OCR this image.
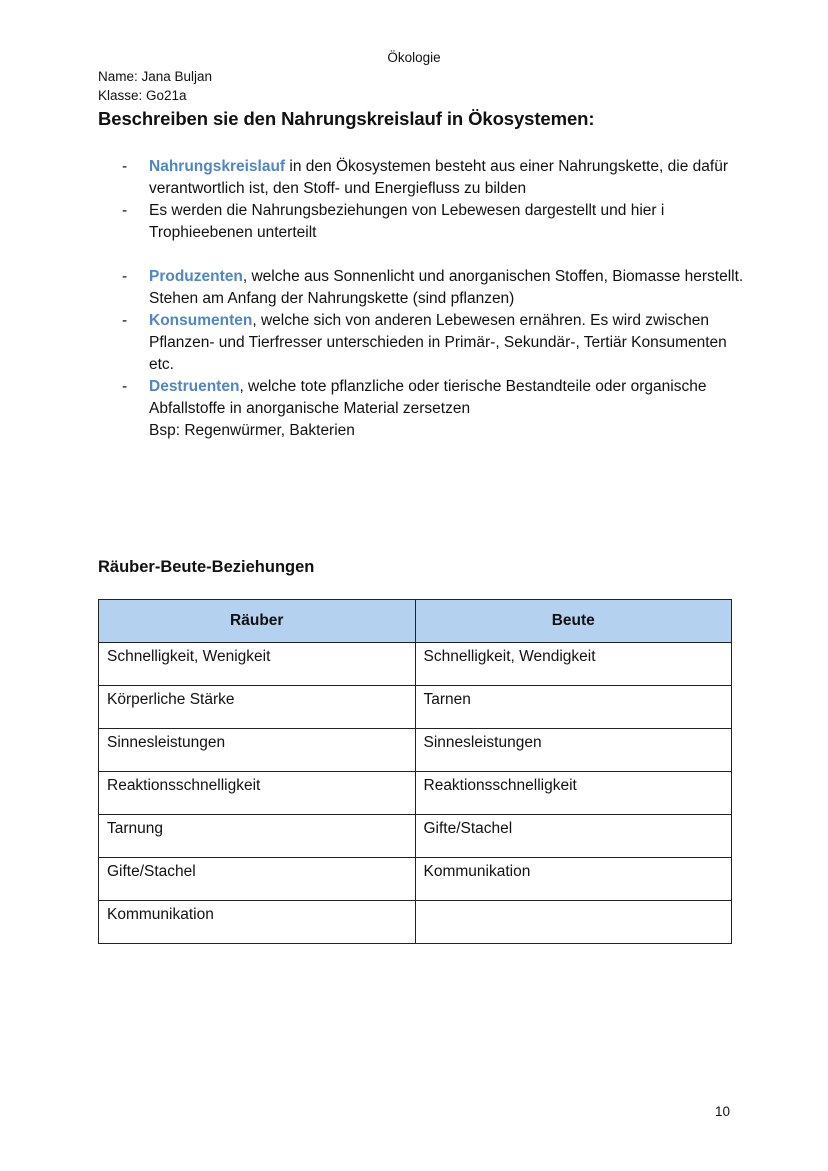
Ökologie
Name: Jana Buljan
Klasse: Go21a
Beschreiben sie den Nahrungskreislauf in Ökosystemen:
- Nahrungskreislauf in den Ökosystemen besteht aus einer Nahrungskette, die dafür verantwortlich ist, den Stoff- und Energiefluss zu bilden
- Es werden die Nahrungsbeziehungen von Lebewesen dargestellt und hier i Trophieebenen unterteilt
- Produzenten, welche aus Sonnenlicht und anorganischen Stoffen, Biomasse herstellt. Stehen am Anfang der Nahrungskette (sind pflanzen)
- Konsumenten, welche sich von anderen Lebewesen ernähren. Es wird zwischen Pflanzen- und Tierfresser unterschieden in Primär-, Sekundär-, Tertiär Konsumenten etc.
- Destruenten, welche tote pflanzliche oder tierische Bestandteile oder organische Abfallstoffe in anorganische Material zersetzen
Bsp: Regenwürmer, Bakterien
Räuber-Beute-Beziehungen
Räuber	Beute
Schnelligkeit, Wenigkeit	Schnelligkeit, Wendigkeit
Körperliche Stärke	Tarnen
Sinnesleistungen	Sinnesleistungen
Reaktionsschnelligkeit	Reaktionsschnelligkeit
Tarnung	Gifte/Stachel
Gifte/Stachel	Kommunikation
Kommunikation	
10
